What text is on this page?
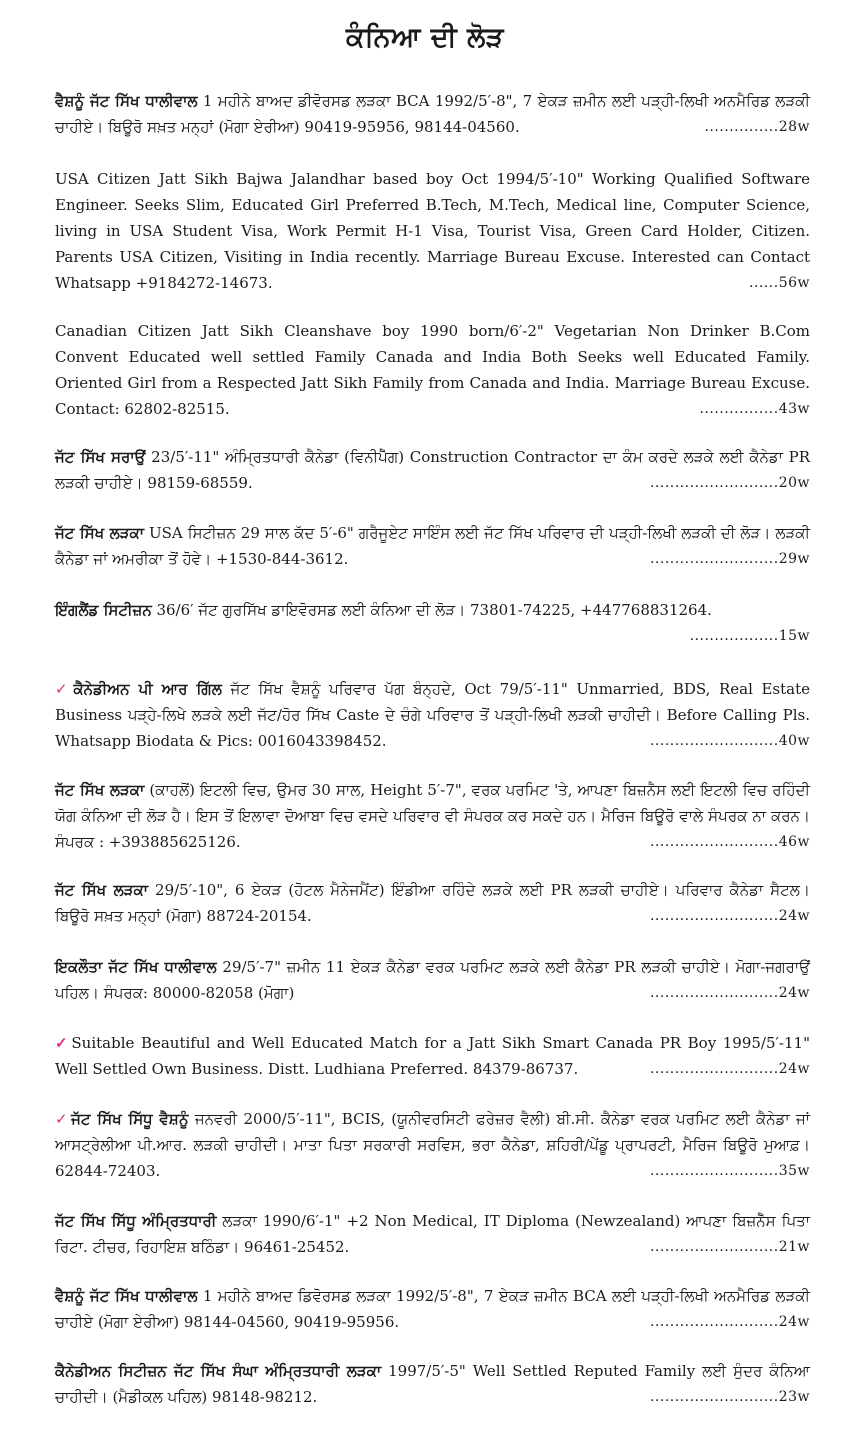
ਕੰਨਿਆ ਦੀ ਲੋੜ
ਵੈਸ਼ਨੂੰ ਜੱਟ ਸਿੱਖ ਧਾਲੀਵਾਲ 1 ਮਹੀਨੇ ਬਾਅਦ ਡੀਵੋਰਸਡ ਲੜਕਾ BCA 1992/5′-8", 7 ਏਕੜ ਜ਼ਮੀਨ ਲਈ ਪੜ੍ਹੀ-ਲਿਖੀ ਅਨਮੈਰਿਡ ਲੜਕੀ ਚਾਹੀਏ। ਬਿਊਰੋ ਸਖ਼ਤ ਮਨ੍ਹਾਂ (ਮੋਗਾ ਏਰੀਆ) 90419-95956, 98144-04560.	...............28w
USA Citizen Jatt Sikh Bajwa Jalandhar based boy Oct 1994/5′-10" Working Qualified Software Engineer. Seeks Slim, Educated Girl Preferred B.Tech, M.Tech, Medical line, Computer Science, living in USA Student Visa, Work Permit H-1 Visa, Tourist Visa, Green Card Holder, Citizen. Parents USA Citizen, Visiting in India recently. Marriage Bureau Excuse. Interested can Contact Whatsapp +9184272-14673.	......56w
Canadian Citizen Jatt Sikh Cleanshave boy 1990 born/6′-2" Vegetarian Non Drinker B.Com Convent Educated well settled Family Canada and India Both Seeks well Educated Family. Oriented Girl from a Respected Jatt Sikh Family from Canada and India. Marriage Bureau Excuse. Contact: 62802-82515.	................43w
ਜੱਟ ਸਿੱਖ ਸਰਾਉਂ 23/5′-11" ਅੰਮ੍ਰਿਤਧਾਰੀ ਕੈਨੇਡਾ (ਵਿਨੀਪੈੱਗ) Construction Contractor ਦਾ ਕੰਮ ਕਰਦੇ ਲੜਕੇ ਲਈ ਕੈਨੇਡਾ PR ਲੜਕੀ ਚਾਹੀਏ। 98159-68559.	..........................20w
ਜੱਟ ਸਿੱਖ ਲੜਕਾ USA ਸਿਟੀਜ਼ਨ 29 ਸਾਲ ਕੱਦ 5′-6" ਗਰੈਜੂਏਟ ਸਾਇੰਸ ਲਈ ਜੱਟ ਸਿੱਖ ਪਰਿਵਾਰ ਦੀ ਪੜ੍ਹੀ-ਲਿਖੀ ਲੜਕੀ ਦੀ ਲੋੜ। ਲੜਕੀ ਕੈਨੇਡਾ ਜਾਂ ਅਮਰੀਕਾ ਤੋਂ ਹੋਵੇ। +1530-844-3612.	..........................29w
ਇੰਗਲੈਂਡ ਸਿਟੀਜ਼ਨ 36/6′ ਜੱਟ ਗੁਰਸਿੱਖ ਡਾਇਵੋਰਸਡ ਲਈ ਕੰਨਿਆ ਦੀ ਲੋੜ। 73801-74225, +447768831264.
..................15w
✓ ਕੈਨੇਡੀਅਨ ਪੀ ਆਰ ਗਿੱਲ ਜੱਟ ਸਿੱਖ ਵੈਸ਼ਨੂੰ ਪਰਿਵਾਰ ਪੱਗ ਬੰਨ੍ਹਦੇ, Oct 79/5′-11" Unmarried, BDS, Real Estate Business ਪੜ੍ਹੇ-ਲਿਖੇ ਲੜਕੇ ਲਈ ਜੱਟ/ਹੋਰ ਸਿੱਖ Caste ਦੇ ਚੰਗੇ ਪਰਿਵਾਰ ਤੋਂ ਪੜ੍ਹੀ-ਲਿਖੀ ਲੜਕੀ ਚਾਹੀਦੀ। Before Calling Pls. Whatsapp Biodata & Pics: 0016043398452.	..........................40w
ਜੱਟ ਸਿੱਖ ਲੜਕਾ (ਕਾਹਲੋਂ) ਇਟਲੀ ਵਿਚ, ਉਮਰ 30 ਸਾਲ, Height 5′-7", ਵਰਕ ਪਰਮਿਟ 'ਤੇ, ਆਪਣਾ ਬਿਜ਼ਨੈਸ ਲਈ ਇਟਲੀ ਵਿਚ ਰਹਿੰਦੀ ਯੋਗ ਕੰਨਿਆ ਦੀ ਲੋੜ ਹੈ। ਇਸ ਤੋਂ ਇਲਾਵਾ ਦੋਆਬਾ ਵਿਚ ਵਸਦੇ ਪਰਿਵਾਰ ਵੀ ਸੰਪਰਕ ਕਰ ਸਕਦੇ ਹਨ। ਮੈਰਿਜ ਬਿਊਰੋ ਵਾਲੇ ਸੰਪਰਕ ਨਾ ਕਰਨ। ਸੰਪਰਕ : +393885625126.	..........................46w
ਜੱਟ ਸਿੱਖ ਲੜਕਾ 29/5′-10", 6 ਏਕੜ (ਹੋਟਲ ਮੈਨੇਜਮੈਂਟ) ਇੰਡੀਆ ਰਹਿੰਦੇ ਲੜਕੇ ਲਈ PR ਲੜਕੀ ਚਾਹੀਏ। ਪਰਿਵਾਰ ਕੈਨੇਡਾ ਸੈਟਲ। ਬਿਊਰੋ ਸਖ਼ਤ ਮਨ੍ਹਾਂ (ਮੋਗਾ) 88724-20154.	..........................24w
ਇਕਲੌਤਾ ਜੱਟ ਸਿੱਖ ਧਾਲੀਵਾਲ 29/5′-7" ਜ਼ਮੀਨ 11 ਏਕੜ ਕੈਨੇਡਾ ਵਰਕ ਪਰਮਿਟ ਲੜਕੇ ਲਈ ਕੈਨੇਡਾ PR ਲੜਕੀ ਚਾਹੀਏ। ਮੋਗਾ-ਜਗਰਾਉਂ ਪਹਿਲ। ਸੰਪਰਕ: 80000-82058 (ਮੋਗਾ)	..........................24w
✓ Suitable Beautiful and Well Educated Match for a Jatt Sikh Smart Canada PR Boy 1995/5′-11" Well Settled Own Business. Distt. Ludhiana Preferred. 84379-86737.	..........................24w
✓ ਜੱਟ ਸਿੱਖ ਸਿੱਧੂ ਵੈਸ਼ਨੂੰ ਜਨਵਰੀ 2000/5′-11", BCIS, (ਯੂਨੀਵਰਸਿਟੀ ਫਰੇਜ਼ਰ ਵੈਲੀ) ਬੀ.ਸੀ. ਕੈਨੇਡਾ ਵਰਕ ਪਰਮਿਟ ਲਈ ਕੈਨੇਡਾ ਜਾਂ ਆਸਟ੍ਰੇਲੀਆ ਪੀ.ਆਰ. ਲੜਕੀ ਚਾਹੀਦੀ। ਮਾਤਾ ਪਿਤਾ ਸਰਕਾਰੀ ਸਰਵਿਸ, ਭਰਾ ਕੈਨੇਡਾ, ਸ਼ਹਿਰੀ/ਪੇਂਡੂ ਪ੍ਰਾਪਰਟੀ, ਮੈਰਿਜ ਬਿਊਰੋ ਮੁਆਫ਼। 62844-72403.	..........................35w
ਜੱਟ ਸਿੱਖ ਸਿੱਧੂ ਅੰਮ੍ਰਿਤਧਾਰੀ ਲੜਕਾ 1990/6′-1" +2 Non Medical, IT Diploma (Newzealand) ਆਪਣਾ ਬਿਜ਼ਨੈੱਸ ਪਿਤਾ ਰਿਟਾ. ਟੀਚਰ, ਰਿਹਾਇਸ਼ ਬਠਿੰਡਾ। 96461-25452.	..........................21w
ਵੈਸ਼ਨੂੰ ਜੱਟ ਸਿੱਖ ਧਾਲੀਵਾਲ 1 ਮਹੀਨੇ ਬਾਅਦ ਡਿਵੋਰਸਡ ਲੜਕਾ 1992/5′-8", 7 ਏਕੜ ਜ਼ਮੀਨ BCA ਲਈ ਪੜ੍ਹੀ-ਲਿਖੀ ਅਨਮੈਰਿਡ ਲੜਕੀ ਚਾਹੀਏ (ਮੋਗਾ ਏਰੀਆ) 98144-04560, 90419-95956.	..........................24w
ਕੈਨੇਡੀਅਨ ਸਿਟੀਜ਼ਨ ਜੱਟ ਸਿੱਖ ਸੰਘਾ ਅੰਮ੍ਰਿਤਧਾਰੀ ਲੜਕਾ 1997/5′-5" Well Settled Reputed Family ਲਈ ਸੁੰਦਰ ਕੰਨਿਆ ਚਾਹੀਦੀ। (ਮੈਡੀਕਲ ਪਹਿਲ) 98148-98212.	..........................23w
